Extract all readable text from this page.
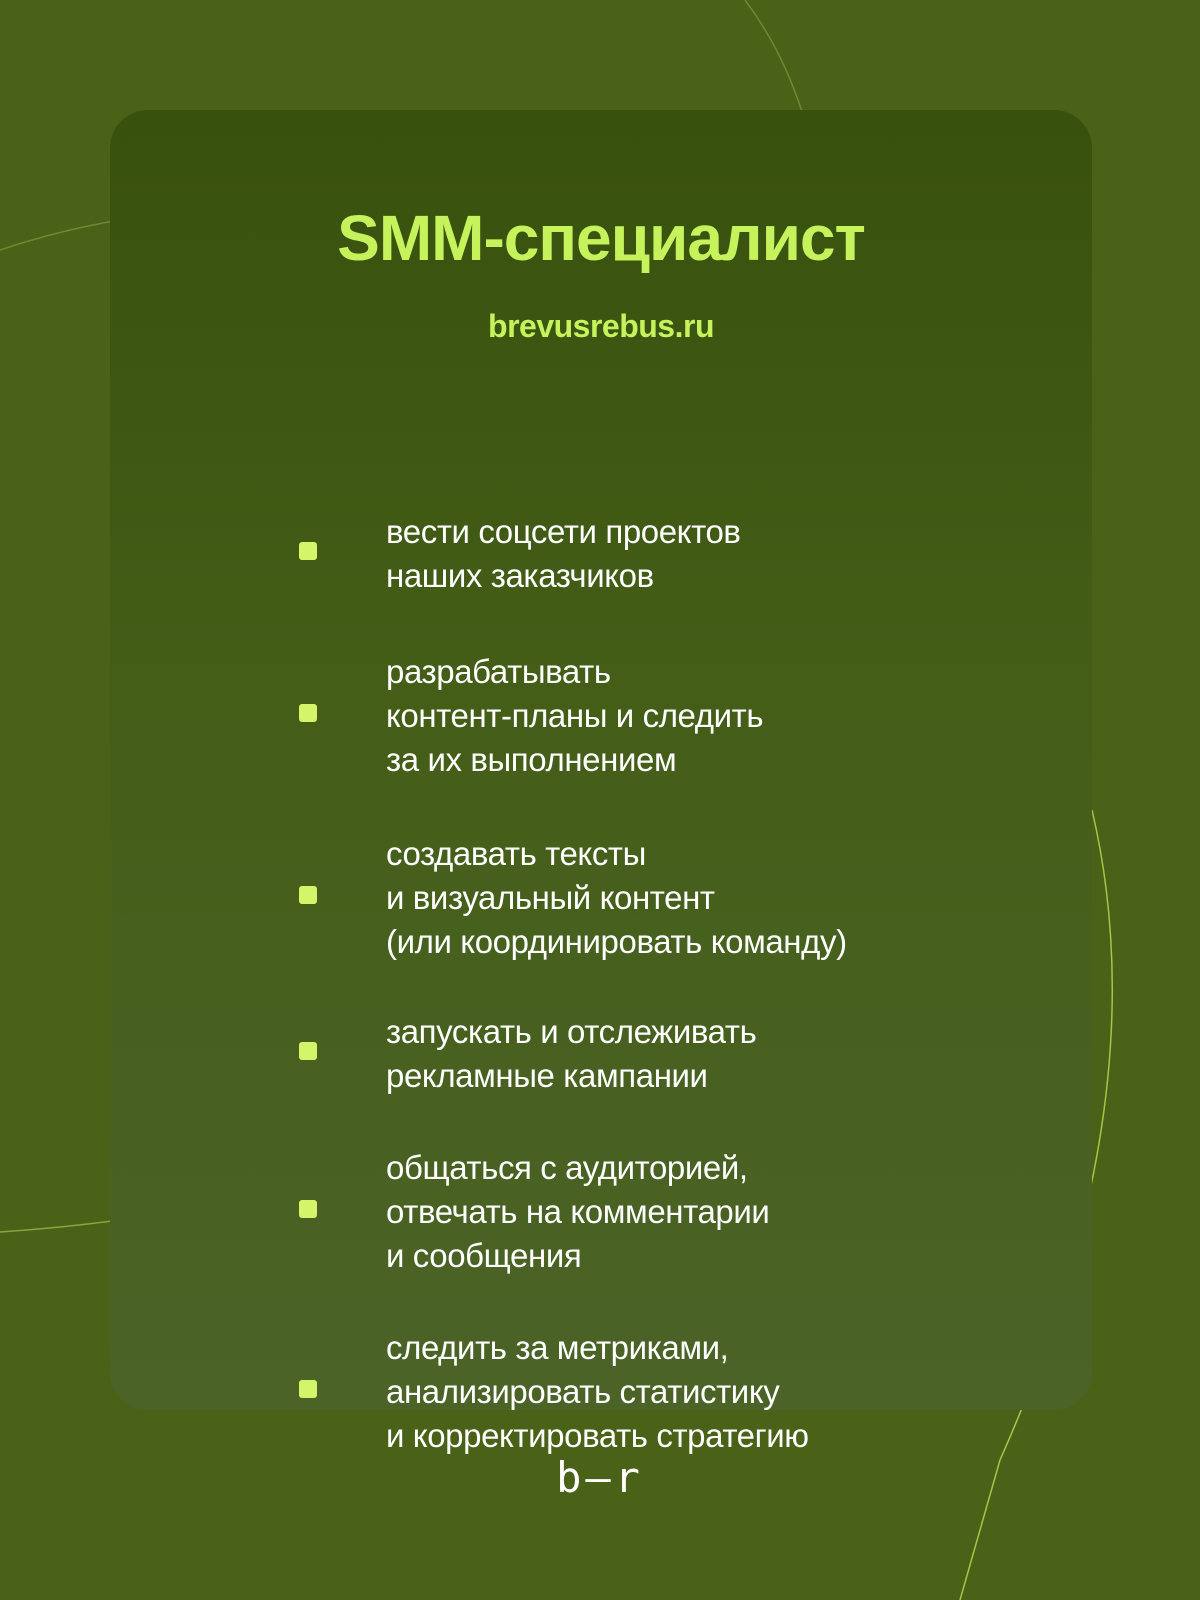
SMM-специалист
brevusrebus.ru
вести соцсети проектов
наших заказчиков
разрабатывать
контент-планы и следить
за их выполнением
создавать тексты
и визуальный контент
(или координировать команду)
запускать и отслеживать
рекламные кампании
общаться с аудиторией,
отвечать на комментарии
и сообщения
следить за метриками,
анализировать статистику
и корректировать стратегию
b–r
